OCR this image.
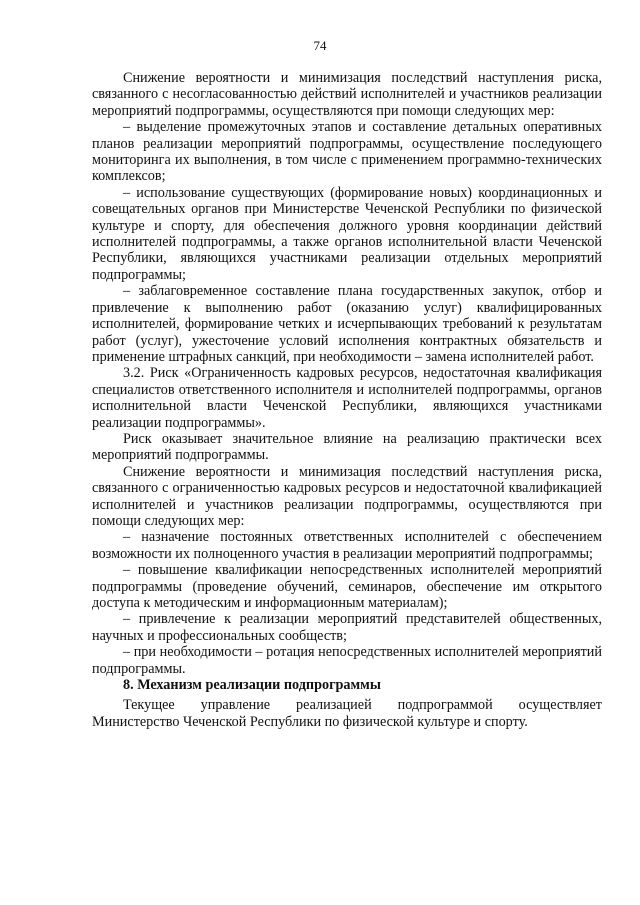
74

Снижение вероятности и минимизация последствий наступления риска, связанного с несогласованностью действий исполнителей и участников реализации мероприятий подпрограммы, осуществляются при помощи следующих мер:

– выделение промежуточных этапов и составление детальных оперативных планов реализации мероприятий подпрограммы, осуществление последующего мониторинга их выполнения, в том числе с применением программно-технических комплексов;

– использование существующих (формирование новых) координационных и совещательных органов при Министерстве Чеченской Республики по физической культуре и спорту, для обеспечения должного уровня координации действий исполнителей подпрограммы, а также органов исполнительной власти Чеченской Республики, являющихся участниками реализации отдельных мероприятий подпрограммы;

– заблаговременное составление плана государственных закупок, отбор и привлечение к выполнению работ (оказанию услуг) квалифицированных исполнителей, формирование четких и исчерпывающих требований к результатам работ (услуг), ужесточение условий исполнения контрактных обязательств и применение штрафных санкций, при необходимости – замена исполнителей работ.

3.2. Риск «Ограниченность кадровых ресурсов, недостаточная квалификация специалистов ответственного исполнителя и исполнителей подпрограммы, органов исполнительной власти Чеченской Республики, являющихся участниками реализации подпрограммы».

Риск оказывает значительное влияние на реализацию практически всех мероприятий подпрограммы.

Снижение вероятности и минимизация последствий наступления риска, связанного с ограниченностью кадровых ресурсов и недостаточной квалификацией исполнителей и участников реализации подпрограммы, осуществляются при помощи следующих мер:

– назначение постоянных ответственных исполнителей с обеспечением возможности их полноценного участия в реализации мероприятий подпрограммы;

– повышение квалификации непосредственных исполнителей мероприятий подпрограммы (проведение обучений, семинаров, обеспечение им открытого доступа к методическим и информационным материалам);

– привлечение к реализации мероприятий представителей общественных, научных и профессиональных сообществ;

– при необходимости – ротация непосредственных исполнителей мероприятий подпрограммы.

8. Механизм реализации подпрограммы

Текущее управление реализацией подпрограммой осуществляет Министерство Чеченской Республики по физической культуре и спорту.
